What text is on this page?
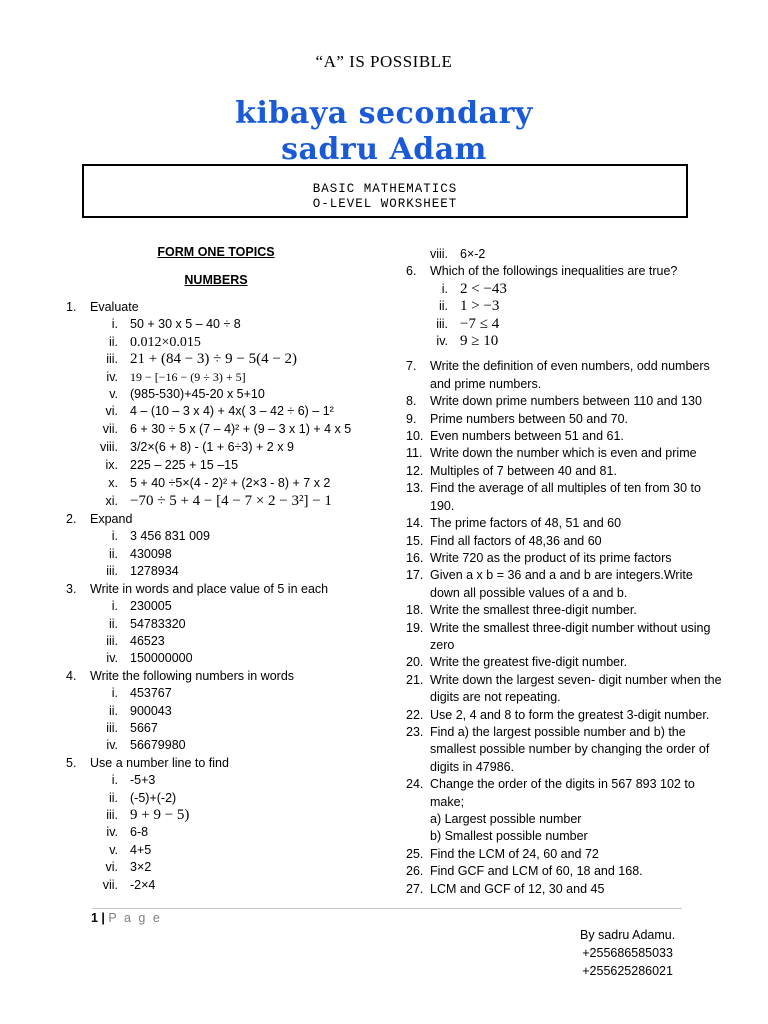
“A” IS POSSIBLE
kibaya secondary
sadru Adam
BASIC MATHEMATICS
O-LEVEL WORKSHEET
FORM ONE TOPICS
NUMBERS
1.	Evaluate
i. 50 + 30 x 5 – 40 ÷ 8
ii. 0.012×0.015
iii. 21 + (84 − 3) ÷ 9 − 5(4 − 2)
iv.	19 − [−16 − (9 ÷ 3) + 5]
v. (985-530)+45-20 x 5+10
vi. 4 – (10 – 3 x 4) + 4x( 3 – 42 ÷ 6) – 1²
vii. 6 + 30 ÷ 5 x (7 – 4)² + (9 – 3 x 1) + 4 x 5
viii. 3/2×(6 + 8) - (1 + 6÷3) + 2 x 9
ix. 225 – 225 + 15 –15
x. 5 + 40 ÷5×(4 - 2)² + (2×3 - 8) + 7 x 2
xi. −70 ÷ 5 + 4 − [4 − 7 × 2 − 3²] − 1
2.	Expand
i. 3 456 831 009
ii. 430098
iii. 1278934
3.	Write in words and place value of 5 in each
i. 230005
ii. 54783320
iii. 46523
iv. 150000000
4.	Write the following numbers in words
i. 453767
ii. 900043
iii. 5667
iv. 56679980
5.	Use a number line to find
i. -5+3
ii. (-5)+(-2)
iii. 9 + 9 − 5)
iv. 6-8
v. 4+5
vi. 3×2
vii. -2×4
viii. 6×-2
6.	Which of the followings inequalities are true?
i. 2 < −43
ii. 1 > −3
iii. −7 ≤ 4
iv. 9 ≥ 10
7.	Write the definition of even numbers, odd numbers and prime numbers.
8.	Write down prime numbers between 110 and 130
9.	Prime numbers between 50 and 70.
10. Even numbers between 51 and 61.
11. Write down the number which is even and prime
12. Multiples of 7 between 40 and 81.
13. Find the average of all multiples of ten from 30 to 190.
14. The prime factors of 48, 51 and 60
15. Find all factors of 48,36 and 60
16. Write 720 as the product of its prime factors
17. Given a x b = 36 and a and b are integers.Write down all possible values of a and b.
18. Write the smallest three-digit number.
19. Write the smallest three-digit number without using zero
20. Write the greatest five-digit number.
21. Write down the largest seven- digit number when the digits are not repeating.
22. Use 2, 4 and 8 to form the greatest 3-digit number.
23. Find a) the largest possible number and b) the smallest possible number by changing the order of digits in 47986.
24. Change the order of the digits in 567 893 102 to make;
a) Largest possible number
b) Smallest possible number
25. Find the LCM of 24, 60 and 72
26. Find GCF and LCM of 60, 18 and 168.
27. LCM and GCF of 12, 30 and 45
1 | P a g e
By sadru Adamu.
+255686585033
+255625286021
